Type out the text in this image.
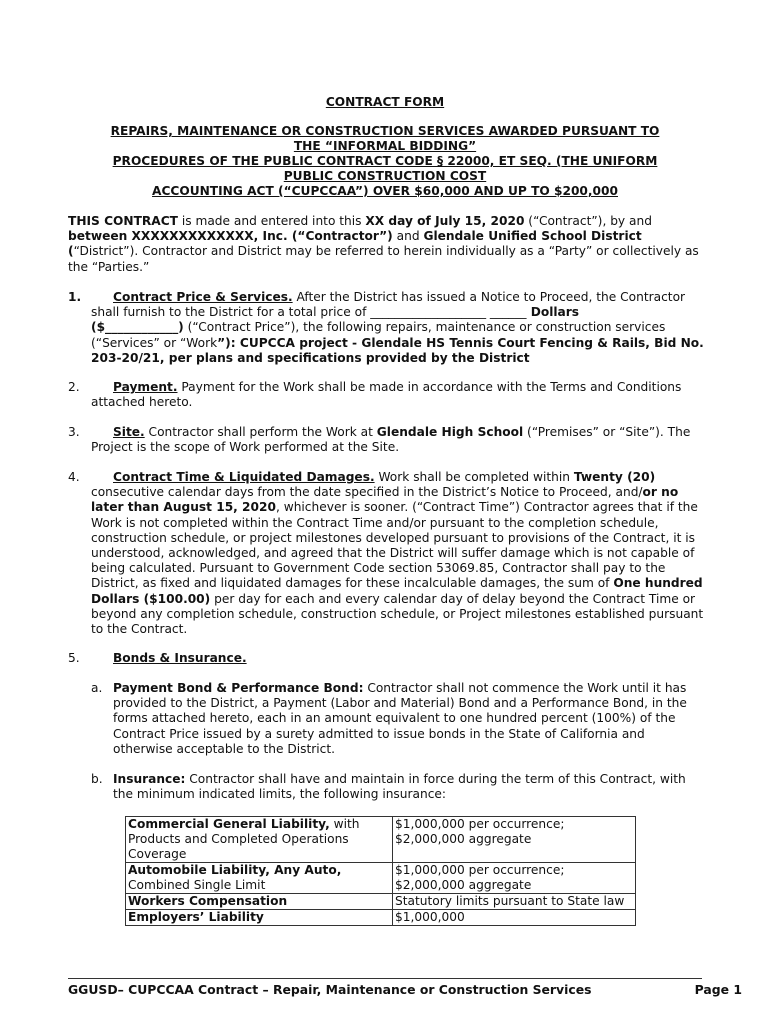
CONTRACT FORM
REPAIRS, MAINTENANCE OR CONSTRUCTION SERVICES AWARDED PURSUANT TO
THE “INFORMAL BIDDING”
PROCEDURES OF THE PUBLIC CONTRACT CODE § 22000, ET SEQ. (THE UNIFORM
PUBLIC CONSTRUCTION COST
ACCOUNTING ACT (“CUPCCAA”) OVER $60,000 AND UP TO $200,000
THIS CONTRACT is made and entered into this XX day of July 15, 2020 (“Contract”), by and between XXXXXXXXXXXXX, Inc. (“Contractor”) and Glendale Unified School District
(“District”). Contractor and District may be referred to herein individually as a “Party” or collectively as the “Parties.”
1.	Contract Price & Services. After the District has issued a Notice to Proceed, the Contractor shall furnish to the District for a total price of ___________________ ______ Dollars
($____________) (“Contract Price”), the following repairs, maintenance or construction services (“Services” or “Work”): CUPCCA project - Glendale HS Tennis Court Fencing & Rails, Bid No. 203-20/21, per plans and specifications provided by the District
2.	Payment. Payment for the Work shall be made in accordance with the Terms and Conditions attached hereto.
3.	Site. Contractor shall perform the Work at Glendale High School (“Premises” or “Site”). The Project is the scope of Work performed at the Site.
4.	Contract Time & Liquidated Damages. Work shall be completed within Twenty (20) consecutive calendar days from the date specified in the District’s Notice to Proceed, and/or no later than August 15, 2020, whichever is sooner. (“Contract Time”) Contractor agrees that if the Work is not completed within the Contract Time and/or pursuant to the completion schedule, construction schedule, or project milestones developed pursuant to provisions of the Contract, it is understood, acknowledged, and agreed that the District will suffer damage which is not capable of being calculated. Pursuant to Government Code section 53069.85, Contractor shall pay to the District, as fixed and liquidated damages for these incalculable damages, the sum of One hundred Dollars ($100.00) per day for each and every calendar day of delay beyond the Contract Time or beyond any completion schedule, construction schedule, or Project milestones established pursuant to the Contract.
5.	Bonds & Insurance.
a. Payment Bond & Performance Bond: Contractor shall not commence the Work until it has provided to the District, a Payment (Labor and Material) Bond and a Performance Bond, in the forms attached hereto, each in an amount equivalent to one hundred percent (100%) of the Contract Price issued by a surety admitted to issue bonds in the State of California and otherwise acceptable to the District.
b. Insurance: Contractor shall have and maintain in force during the term of this Contract, with the minimum indicated limits, the following insurance:
Commercial General Liability, with Products and Completed Operations Coverage	$1,000,000 per occurrence;
$2,000,000 aggregate
Automobile Liability, Any Auto, Combined Single Limit	$1,000,000 per occurrence;
$2,000,000 aggregate
Workers Compensation	Statutory limits pursuant to State law
Employers’ Liability	$1,000,000
GGUSD– CUPCCAA Contract – Repair, Maintenance or Construction Services	Page 1
